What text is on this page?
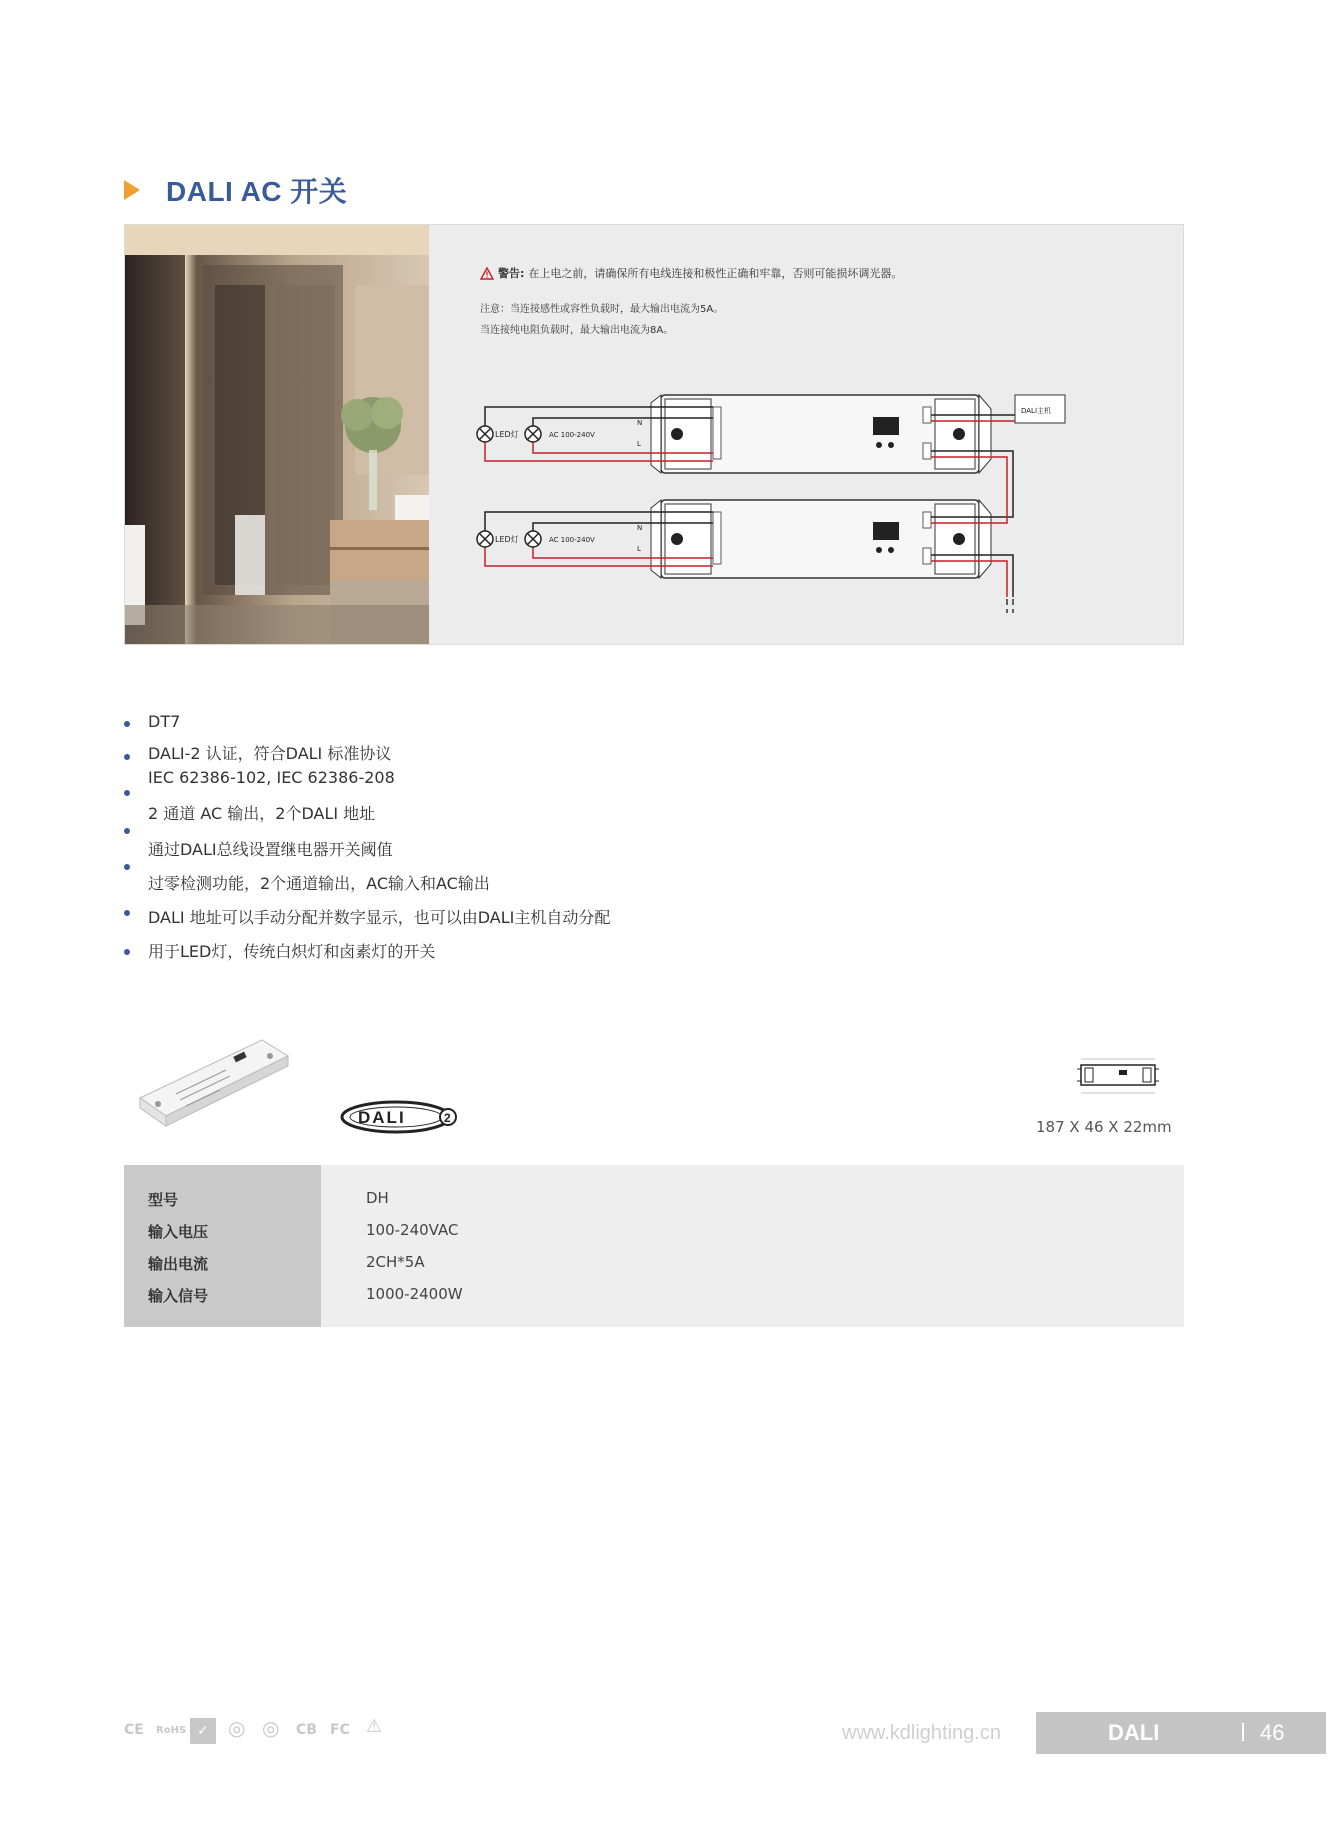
DALI AC 开关
LED灯	AC 100-240V
LED灯	AC 100-240V
N
L
N
L
DALI主机
警告: 在上电之前，请确保所有电线连接和极性正确和牢靠，否则可能损坏调光器。
注意：当连接感性或容性负载时，最大输出电流为5A。
当连接纯电阻负载时，最大输出电流为8A。
DT7
DALI-2 认证，符合DALI 标准协议
IEC 62386-102, IEC 62386-208
2 通道 AC 输出，2个DALI 地址
通过DALI总线设置继电器开关阈值
过零检测功能，2个通道输出，AC输入和AC输出
DALI 地址可以手动分配并数字显示，也可以由DALI主机自动分配
用于LED灯，传统白炽灯和卤素灯的开关
DALI	2	187 X 46 X 22mm
型号	DH
输入电压	100-240VAC
输出电流	2CH*5A
输入信号	1000-2400W
CE RoHS ✓ ◎ ◎ CB FC ⚠	www.kdlighting.cn	DALI	46
